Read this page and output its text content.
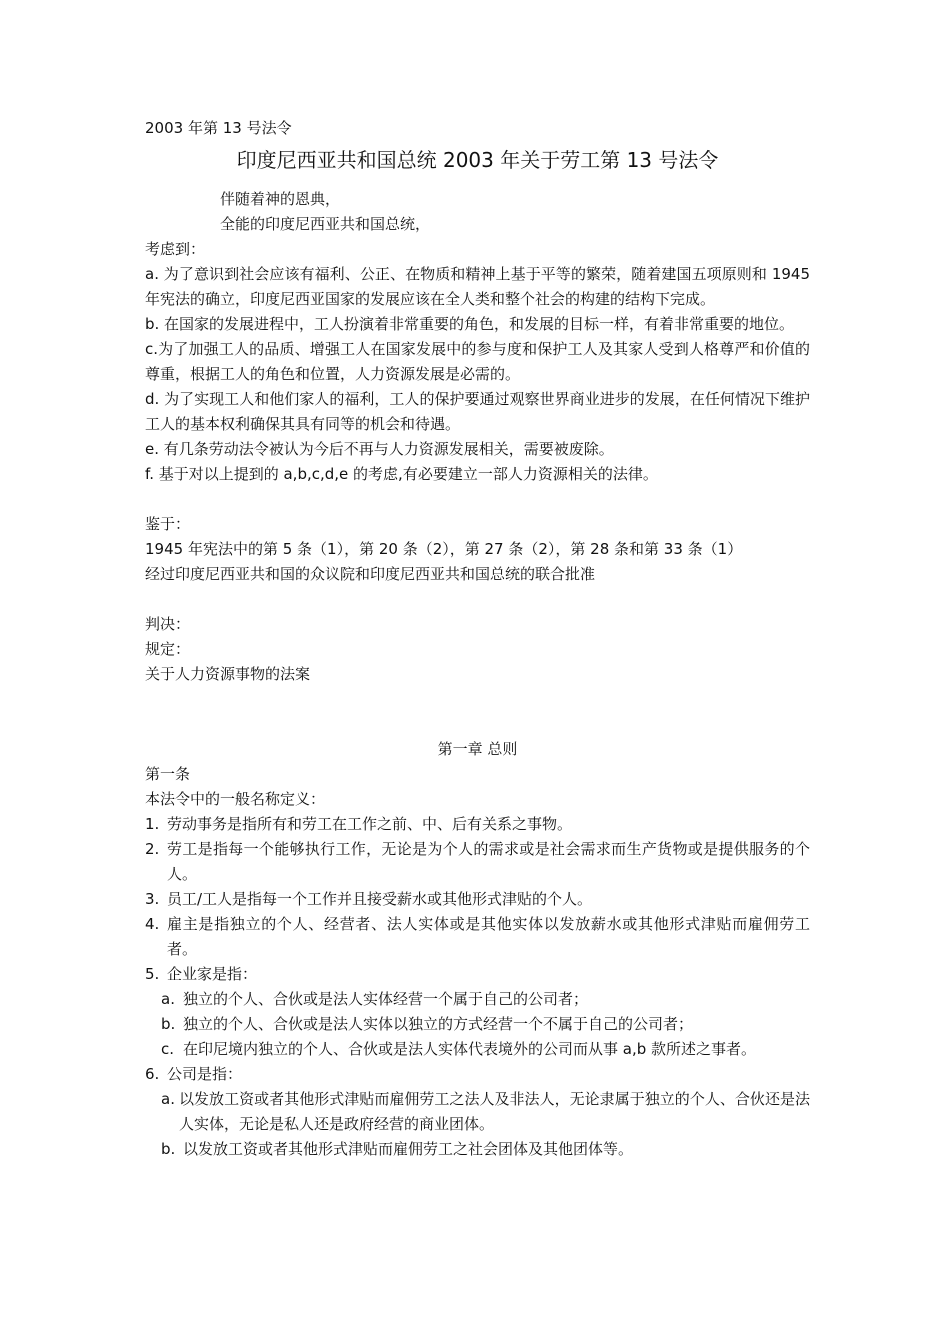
2003 年第 13 号法令

印度尼西亚共和国总统 2003 年关于劳工第 13 号法令

伴随着神的恩典，

全能的印度尼西亚共和国总统，

考虑到：

a. 为了意识到社会应该有福利、公正、在物质和精神上基于平等的繁荣，随着建国五项原则和 1945 年宪法的确立，印度尼西亚国家的发展应该在全人类和整个社会的构建的结构下完成。

b. 在国家的发展进程中，工人扮演着非常重要的角色，和发展的目标一样，有着非常重要的地位。

c.为了加强工人的品质、增强工人在国家发展中的参与度和保护工人及其家人受到人格尊严和价值的尊重，根据工人的角色和位置，人力资源发展是必需的。

d. 为了实现工人和他们家人的福利，工人的保护要通过观察世界商业进步的发展，在任何情况下维护工人的基本权利确保其具有同等的机会和待遇。

e. 有几条劳动法令被认为今后不再与人力资源发展相关，需要被废除。

f. 基于对以上提到的 a,b,c,d,e 的考虑,有必要建立一部人力资源相关的法律。

鉴于：

1945 年宪法中的第 5 条（1），第 20 条（2），第 27 条（2），第 28 条和第 33 条（1）

经过印度尼西亚共和国的众议院和印度尼西亚共和国总统的联合批准

判决：

规定：

关于人力资源事物的法案

第一章 总则

第一条

本法令中的一般名称定义：

1. 劳动事务是指所有和劳工在工作之前、中、后有关系之事物。
2. 劳工是指每一个能够执行工作，无论是为个人的需求或是社会需求而生产货物或是提供服务的个人。
3. 员工/工人是指每一个工作并且接受薪水或其他形式津贴的个人。
4. 雇主是指独立的个人、经营者、法人实体或是其他实体以发放薪水或其他形式津贴而雇佣劳工者。
5. 企业家是指：
a. 独立的个人、合伙或是法人实体经营一个属于自己的公司者；
b. 独立的个人、合伙或是法人实体以独立的方式经营一个不属于自己的公司者；
c. 在印尼境内独立的个人、合伙或是法人实体代表境外的公司而从事 a,b 款所述之事者。
6. 公司是指：
a. 以发放工资或者其他形式津贴而雇佣劳工之法人及非法人，无论隶属于独立的个人、合伙还是法人实体，无论是私人还是政府经营的商业团体。
b. 以发放工资或者其他形式津贴而雇佣劳工之社会团体及其他团体等。
